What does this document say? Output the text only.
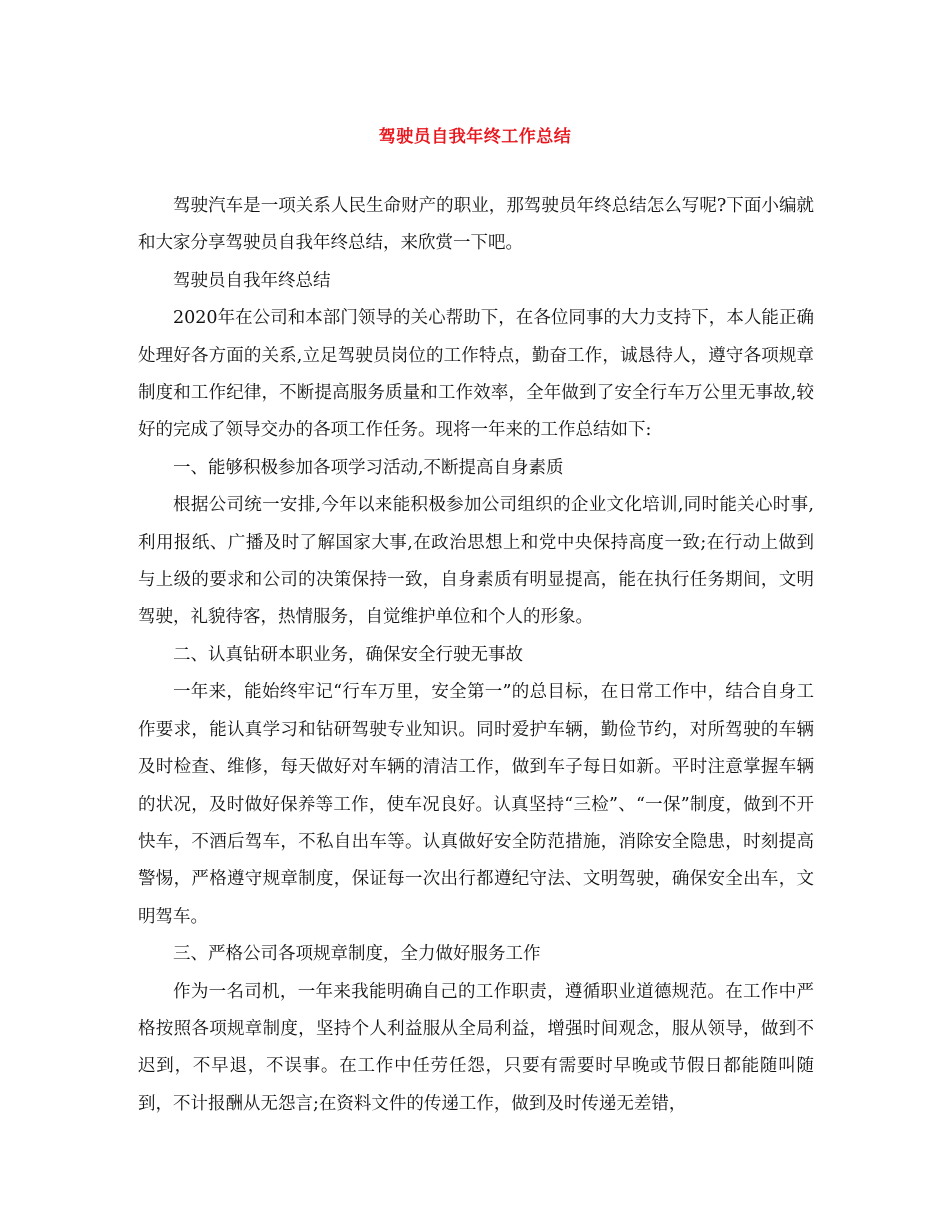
驾驶员自我年终工作总结

驾驶汽车是一项关系人民生命财产的职业，那驾驶员年终总结怎么写呢?下面小编就和大家分享驾驶员自我年终总结，来欣赏一下吧。

驾驶员自我年终总结

2020年在公司和本部门领导的关心帮助下，在各位同事的大力支持下，本人能正确处理好各方面的关系,立足驾驶员岗位的工作特点，勤奋工作，诚恳待人，遵守各项规章制度和工作纪律，不断提高服务质量和工作效率，全年做到了安全行车万公里无事故,较好的完成了领导交办的各项工作任务。现将一年来的工作总结如下:

一、能够积极参加各项学习活动,不断提高自身素质

根据公司统一安排,今年以来能积极参加公司组织的企业文化培训,同时能关心时事,利用报纸、广播及时了解国家大事,在政治思想上和党中央保持高度一致;在行动上做到与上级的要求和公司的决策保持一致，自身素质有明显提高，能在执行任务期间，文明驾驶，礼貌待客，热情服务，自觉维护单位和个人的形象。

二、认真钻研本职业务，确保安全行驶无事故

一年来，能始终牢记“行车万里，安全第一”的总目标，在日常工作中，结合自身工作要求，能认真学习和钻研驾驶专业知识。同时爱护车辆，勤俭节约，对所驾驶的车辆及时检查、维修，每天做好对车辆的清洁工作，做到车子每日如新。平时注意掌握车辆的状况，及时做好保养等工作，使车况良好。认真坚持“三检”、“一保”制度，做到不开快车，不酒后驾车，不私自出车等。认真做好安全防范措施，消除安全隐患，时刻提高警惕，严格遵守规章制度，保证每一次出行都遵纪守法、文明驾驶，确保安全出车，文明驾车。

三、严格公司各项规章制度，全力做好服务工作

作为一名司机，一年来我能明确自己的工作职责，遵循职业道德规范。在工作中严格按照各项规章制度，坚持个人利益服从全局利益，增强时间观念，服从领导，做到不迟到，不早退，不误事。在工作中任劳任怨，只要有需要时早晚或节假日都能随叫随到，不计报酬从无怨言;在资料文件的传递工作，做到及时传递无差错，
